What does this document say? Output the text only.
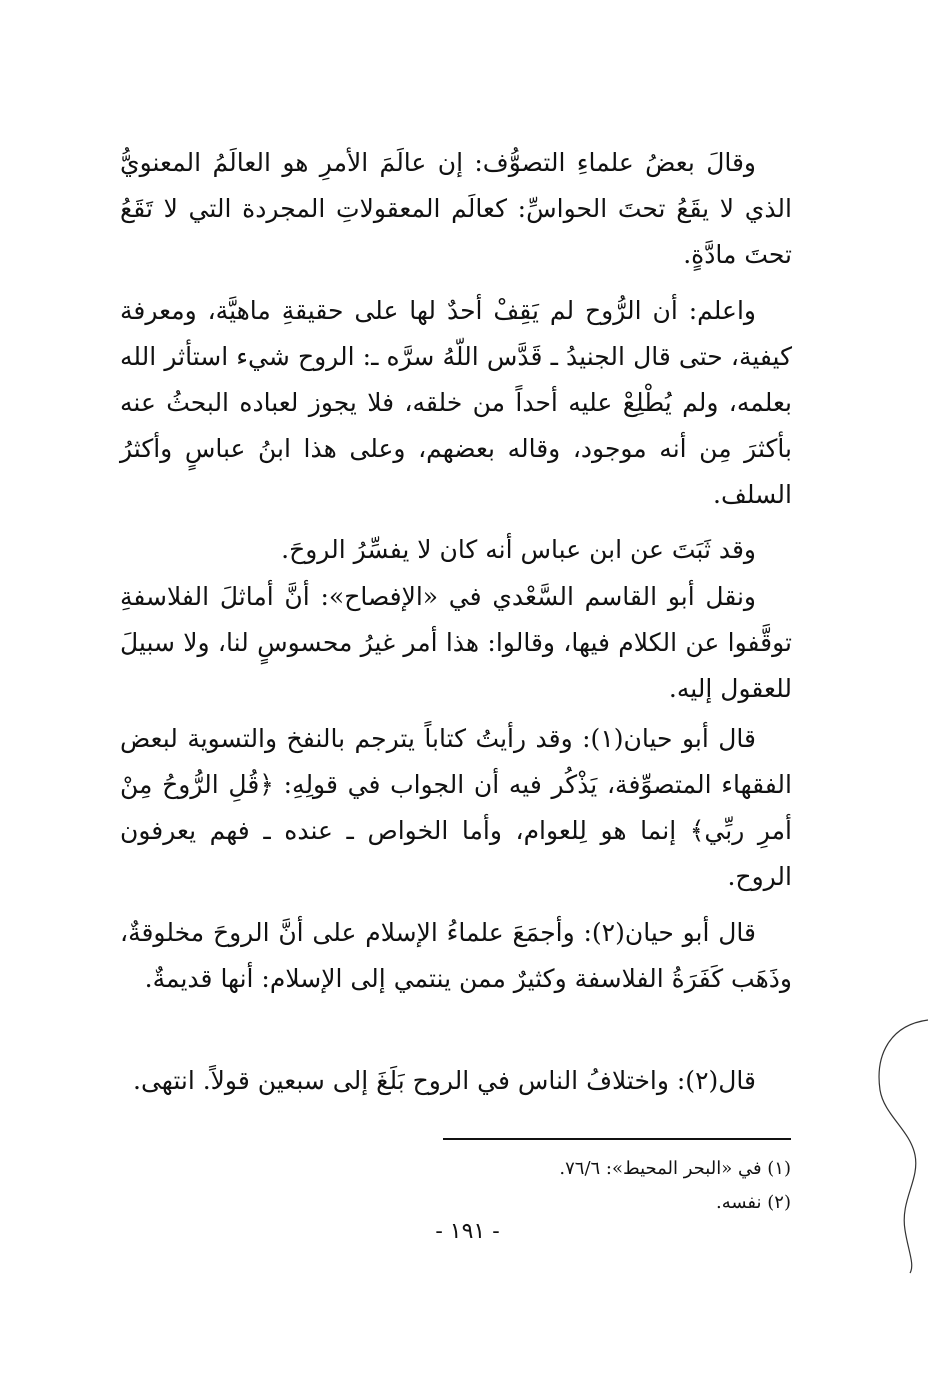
وقالَ بعضُ علماءِ التصوُّف: إن عالَمَ الأمرِ هو العالَمُ المعنويُّ الذي لا يقَعُ تحتَ الحواسِّ: كعالَم المعقولاتِ المجردة التي لا تَقَعُ تحتَ مادَّةٍ.

واعلم: أن الرُّوح لم يَقِفْ أحدٌ لها على حقيقةِ ماهيَّة، ومعرفة كيفية، حتى قال الجنيدُ ـ قَدَّس اللّهُ سرَّه ـ: الروح شيء استأثر الله بعلمه، ولم يُطْلِعْ عليه أحداً من خلقه، فلا يجوز لعباده البحثُ عنه بأكثرَ مِن أنه موجود، وقاله بعضهم، وعلى هذا ابنُ عباسٍ وأكثرُ السلف.

وقد ثَبَتَ عن ابن عباس أنه كان لا يفسِّرُ الروحَ.

ونقل أبو القاسم السَّعْدي في «الإفصاح»: أنَّ أماثلَ الفلاسفةِ توقَّفوا عن الكلام فيها، وقالوا: هذا أمر غيرُ محسوسٍ لنا، ولا سبيلَ للعقول إليه.

قال أبو حيان(١): وقد رأيتُ كتاباً يترجم بالنفخ والتسوية لبعض الفقهاء المتصوِّفة، يَذْكُر فيه أن الجواب في قولِهِ: ﴿قُلِ الرُّوحُ مِنْ أمرِ ربِّي﴾ إنما هو لِلعوام، وأما الخواص ـ عنده ـ فهم يعرفون الروح.

قال أبو حيان(٢): وأجمَعَ علماءُ الإسلام على أنَّ الروحَ مخلوقةٌ، وذَهَب كَفَرَةُ الفلاسفة وكثيرٌ ممن ينتمي إلى الإسلام: أنها قديمةٌ.

قال(٢): واختلافُ الناس في الروح بَلَغَ إلى سبعين قولاً. انتهى.

(١) في «البحر المحيط»: ٧٦/٦.

(٢) نفسه.

- ١٩١ -
